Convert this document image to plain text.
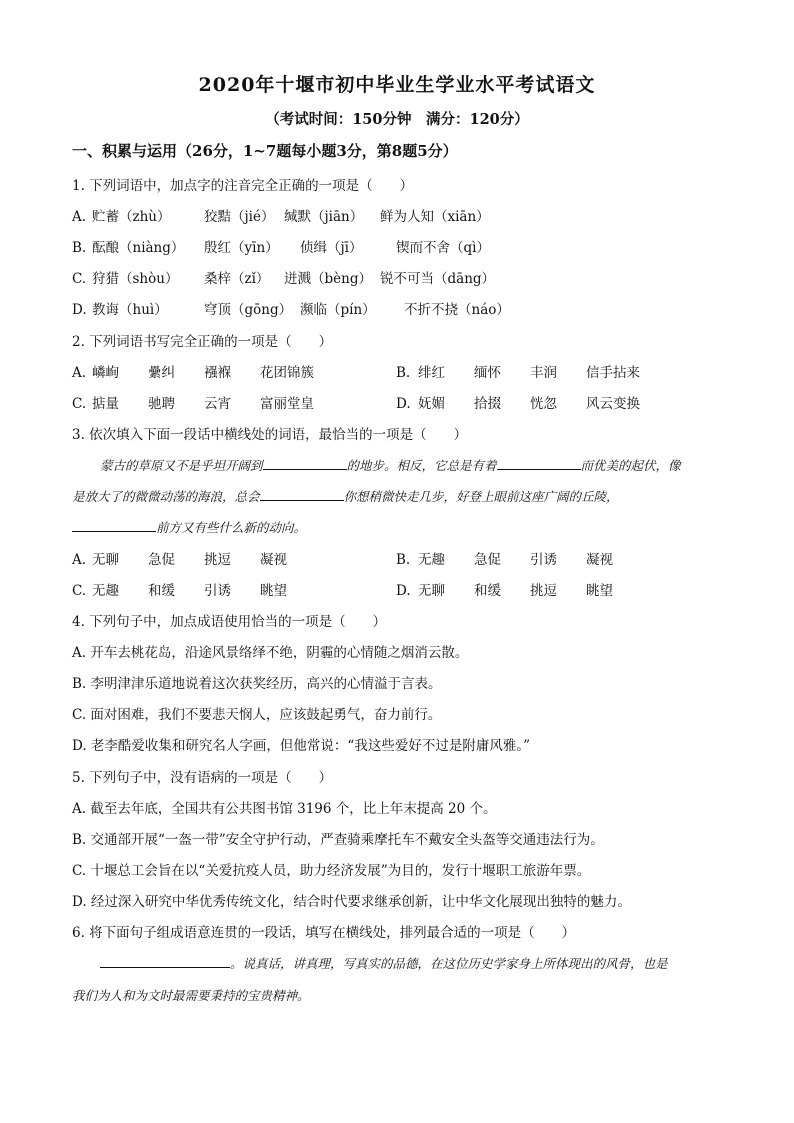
2020年十堰市初中毕业生学业水平考试语文
（考试时间：150分钟　满分：120分）
一、积累与运用（26分，1~7题每小题3分，第8题5分）
1. 下列词语中，加点字的注音完全正确的一项是（　　）
A. 贮蓄（zhù） 狡黠（jié） 缄默（jiān） 鲜为人知（xiān）
B. 酝酿（niàng） 殷红（yīn） 侦缉（jī） 锲而不舍（qì）
C. 狩猎（shòu） 桑梓（zǐ） 迸溅（bèng） 锐不可当（dāng）
D. 教诲（huì）	穹顶（gōng） 濒临（pín） 不折不挠（náo）
2. 下列词语书写完全正确的一项是（　　）
A. 嶙峋 纍纠 襁褓 花团锦簇	B. 绯红 缅怀 丰润 信手拈来
C. 掂量 驰聘 云宵 富丽堂皇	D. 妩媚 拾掇 恍忽 风云变换
3. 依次填入下面一段话中横线处的词语，最恰当的一项是（　　）
蒙古的草原又不是乎坦开阔到	的地步。相反，它总是有着	而优美的起伏，像
是放大了的微微动荡的海浪，总会	你想稍微快走几步，好登上眼前这座广阔的丘陵，
前方又有些什么新的动向。
A. 无聊 急促 挑逗 凝视	B. 无趣 急促 引诱 凝视
C. 无趣 和缓 引诱 眺望	D. 无聊 和缓 挑逗 眺望
4. 下列句子中，加点成语使用恰当的一项是（　　）
A. 开车去桃花岛，沿途风景络绎不绝，阴霾的心情随之烟消云散。
B. 李明津津乐道地说着这次获奖经历，高兴的心情溢于言表。
C. 面对困难，我们不要悲天悯人，应该鼓起勇气，奋力前行。
D. 老李酷爱收集和研究名人字画，但他常说：“我这些爱好不过是附庸风雅。”
5. 下列句子中，没有语病的一项是（　　）
A. 截至去年底，全国共有公共图书馆 3196 个，比上年末提高 20 个。
B. 交通部开展“一盔一带”安全守护行动，严查骑乘摩托车不戴安全头盔等交通违法行为。
C. 十堰总工会旨在以“关爱抗疫人员，助力经济发展”为目的，发行十堰职工旅游年票。
D. 经过深入研究中华优秀传统文化，结合时代要求继承创新，让中华文化展现出独特的魅力。
6. 将下面句子组成语意连贯的一段话，填写在横线处，排列最合适的一项是（　　）
。说真话，讲真理，写真实的品德，在这位历史学家身上所体现出的风骨，也是
我们为人和为文时最需要秉持的宝贵精神。
